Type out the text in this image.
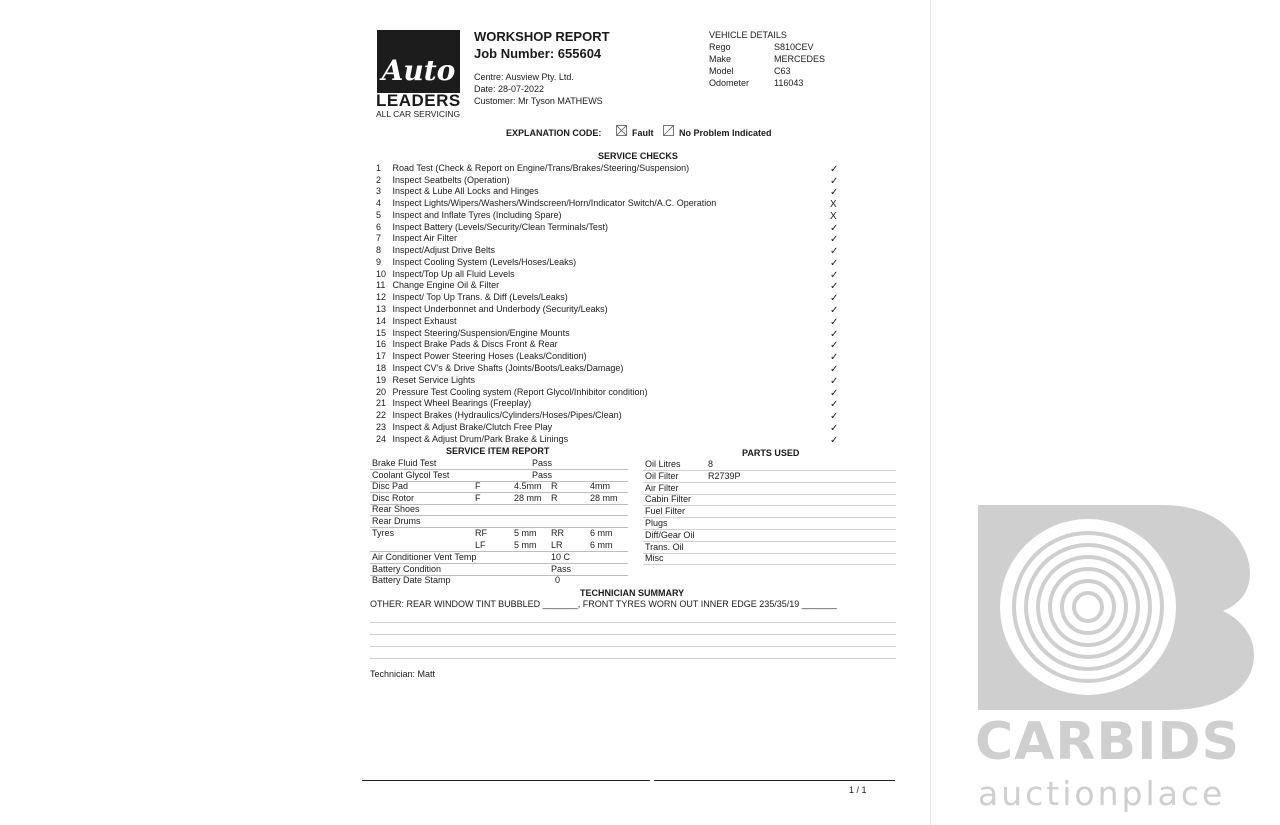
Auto
LEADERS
ALL CAR SERVICING
WORKSHOP REPORT
Job Number: 655604
Centre: Ausview Pty. Ltd.
Date: 28-07-2022
Customer: Mr Tyson MATHEWS
VEHICLE DETAILS
Rego	S810CEV
Make	MERCEDES
Model	C63
Odometer	116043
EXPLANATION CODE:	Fault	No Problem Indicated
SERVICE CHECKS
1 Road Test (Check & Report on Engine/Trans/Brakes/Steering/Suspension)	✓
2 Inspect Seatbelts (Operation)	✓
3 Inspect & Lube All Locks and Hinges	✓
4 Inspect Lights/Wipers/Washers/Windscreen/Horn/Indicator Switch/A.C. Operation	X
5 Inspect and Inflate Tyres (Including Spare)	X
6 Inspect Battery (Levels/Security/Clean Terminals/Test)	✓
7 Inspect Air Filter	✓
8 Inspect/Adjust Drive Belts	✓
9 Inspect Cooling System (Levels/Hoses/Leaks)	✓
10 Inspect/Top Up all Fluid Levels	✓
11 Change Engine Oil & Filter	✓
12 Inspect/ Top Up Trans. & Diff (Levels/Leaks)	✓
13 Inspect Underbonnet and Underbody (Security/Leaks)	✓
14 Inspect Exhaust	✓
15 Inspect Steering/Suspension/Engine Mounts	✓
16 Inspect Brake Pads & Discs Front & Rear	✓
17 Inspect Power Steering Hoses (Leaks/Condition)	✓
18 Inspect CV's & Drive Shafts (Joints/Boots/Leaks/Damage)	✓
19 Reset Service Lights	✓
20 Pressure Test Cooling system (Report Glycol/Inhibitor condition)	✓
21 Inspect Wheel Bearings (Freeplay)	✓
22 Inspect Brakes (Hydraulics/Cylinders/Hoses/Pipes/Clean)	✓
23 Inspect & Adjust Brake/Clutch Free Play	✓
24 Inspect & Adjust Drum/Park Brake & Linings	✓
SERVICE ITEM REPORT
Brake Fluid Test	Pass
Coolant Glycol Test	Pass
Disc Pad	F	4.5mm R	4mm
Disc Rotor	F	28 mm R	28 mm
Rear Shoes
Rear Drums
Tyres	RF	5 mm RR	6 mm
LF	5 mm LR	6 mm
Air Conditioner Vent Temp	10 C
Battery Condition	Pass
Battery Date Stamp	0
PARTS USED
Oil Litres	8
Oil Filter	R2739P
Air Filter
Cabin Filter
Fuel Filter
Plugs
Diff/Gear Oil
Trans. Oil
Misc
TECHNICIAN SUMMARY
OTHER: REAR WINDOW TINT BUBBLED _______, FRONT TYRES WORN OUT INNER EDGE 235/35/19 _______
Technician: Matt
1 / 1
CARBIDS
auctionplace
